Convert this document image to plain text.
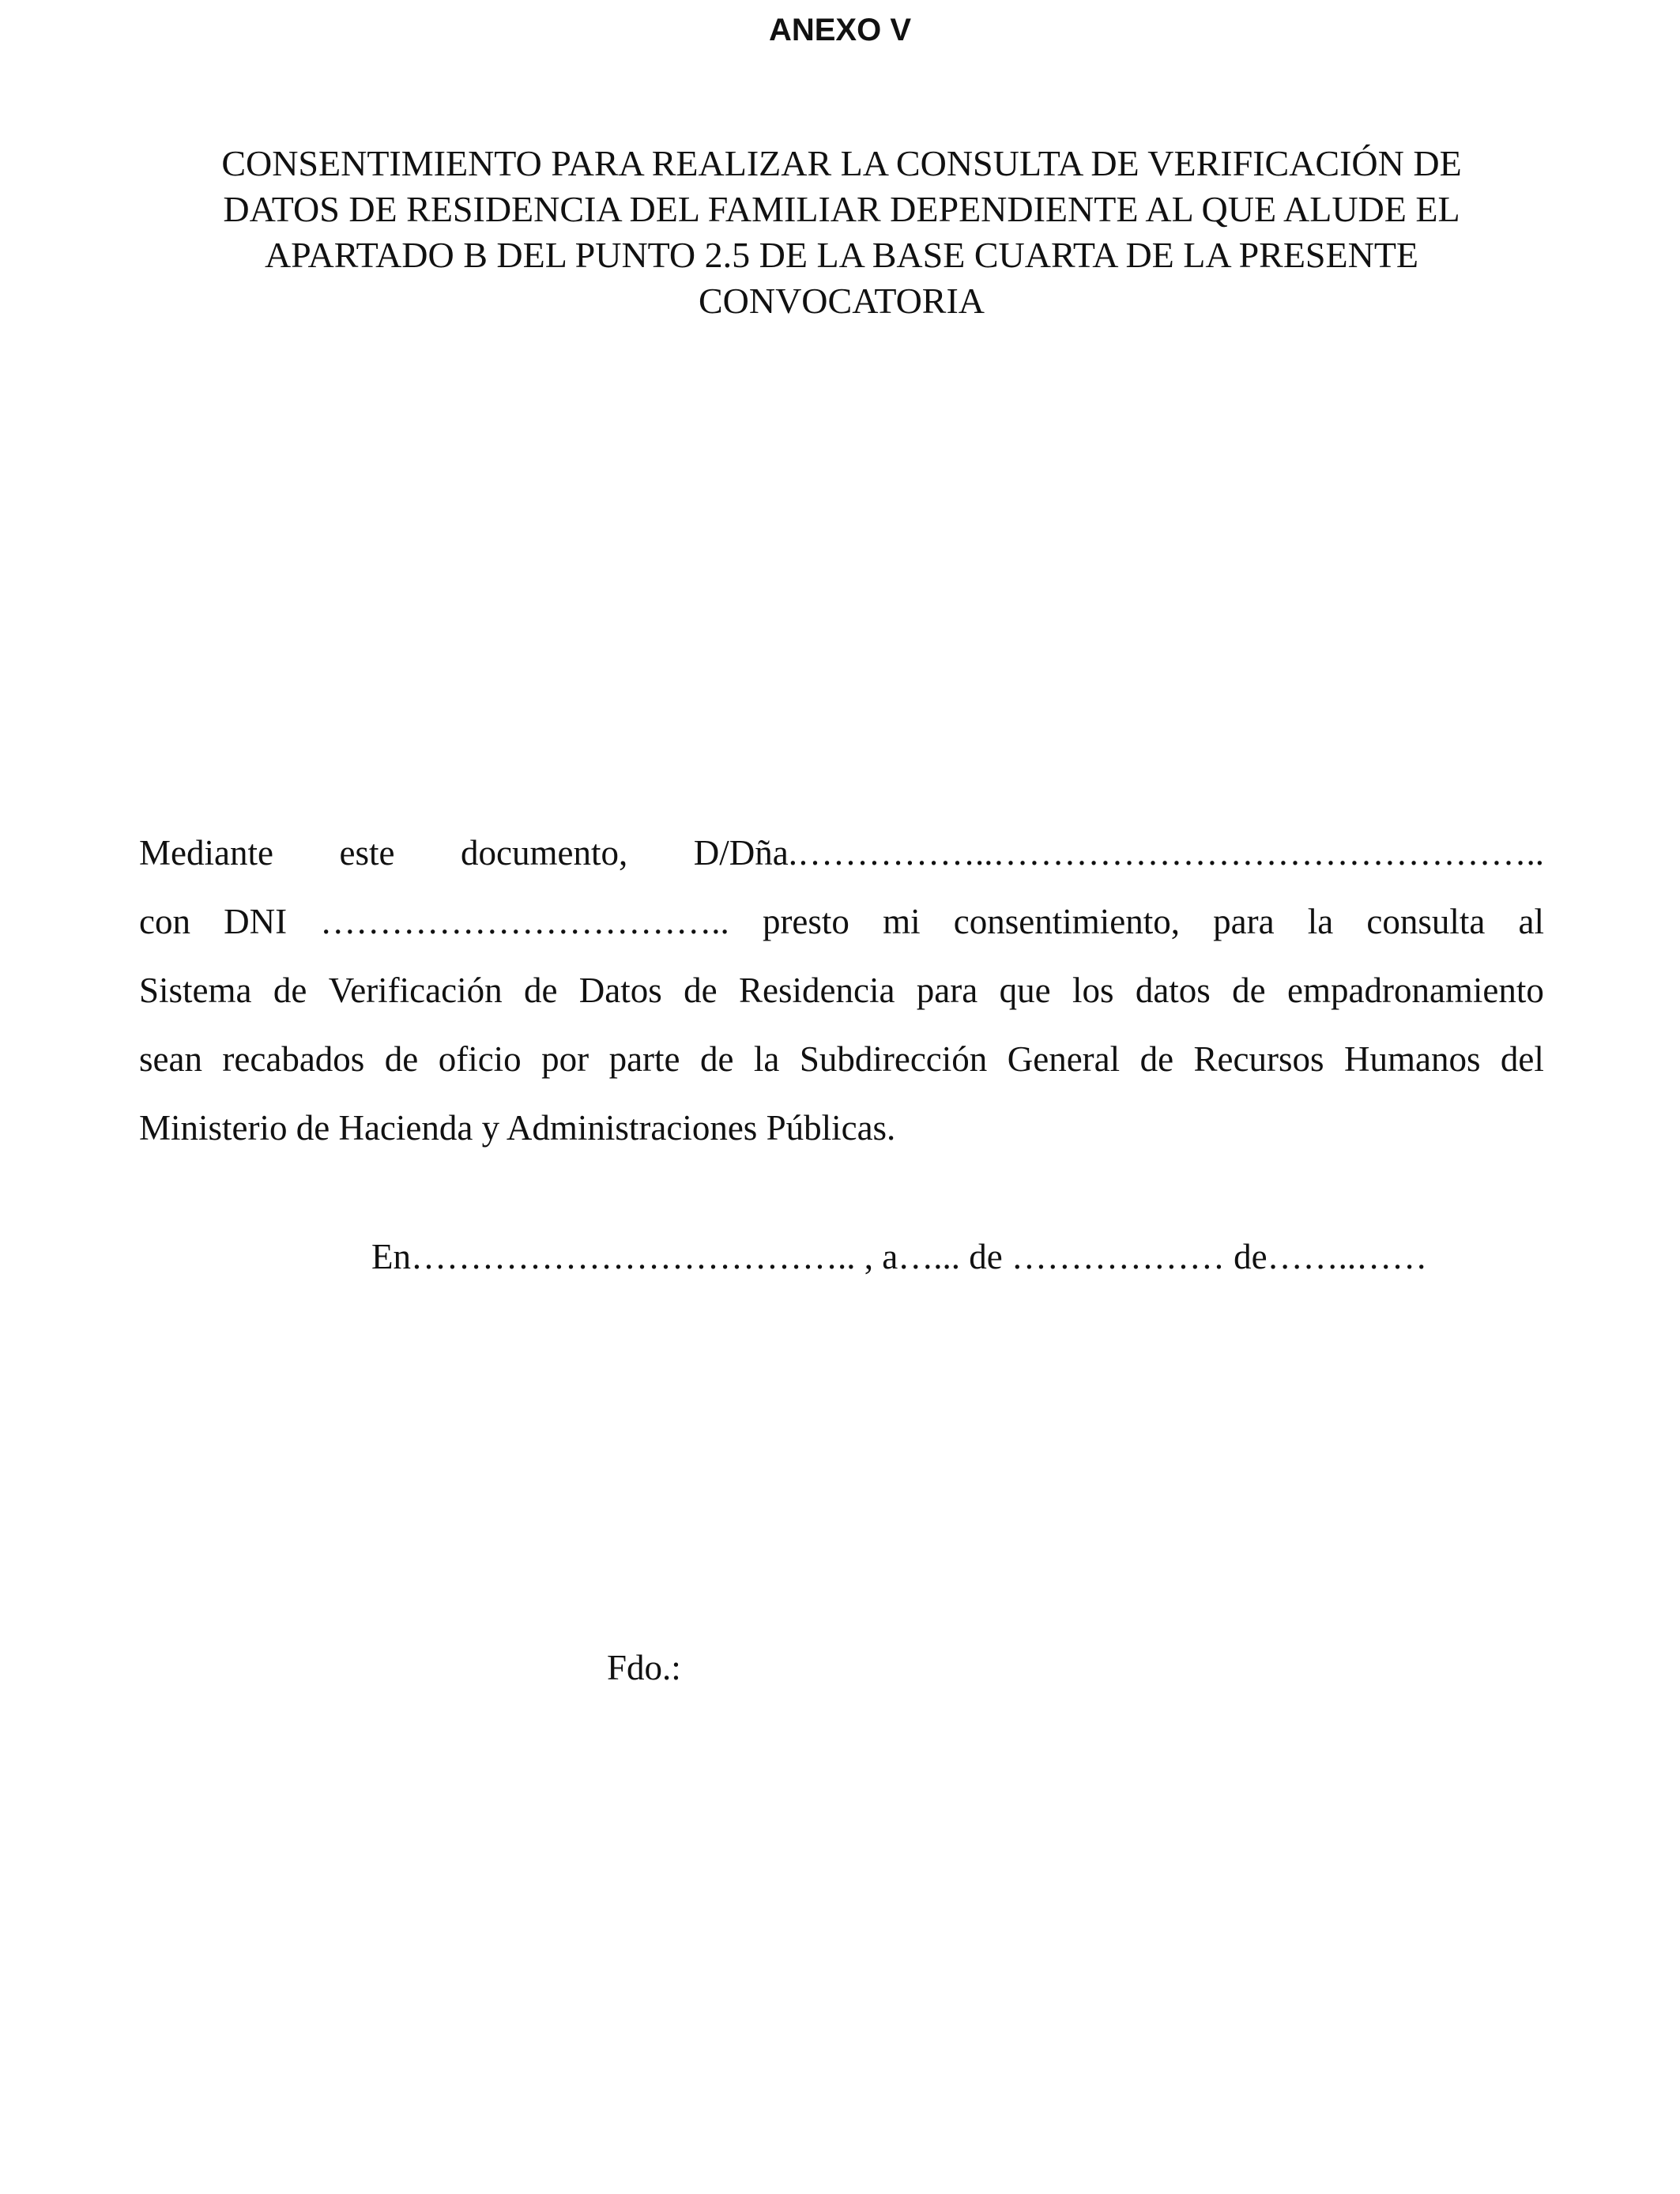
ANEXO V
CONSENTIMIENTO PARA REALIZAR LA CONSULTA DE VERIFICACIÓN DE
DATOS DE RESIDENCIA DEL FAMILIAR DEPENDIENTE AL QUE ALUDE EL
APARTADO B DEL PUNTO 2.5 DE LA BASE CUARTA DE LA PRESENTE
CONVOCATORIA
Mediante este documento, D/Dña.……………..………………………………………..
con DNI …………………………….. presto mi consentimiento, para la consulta al
Sistema de Verificación de Datos de Residencia para que los datos de empadronamiento
sean recabados de oficio por parte de la Subdirección General de Recursos Humanos del
Ministerio de Hacienda y Administraciones Públicas.
En……………………………….. , a…... de ……………… de……..……
Fdo.:
